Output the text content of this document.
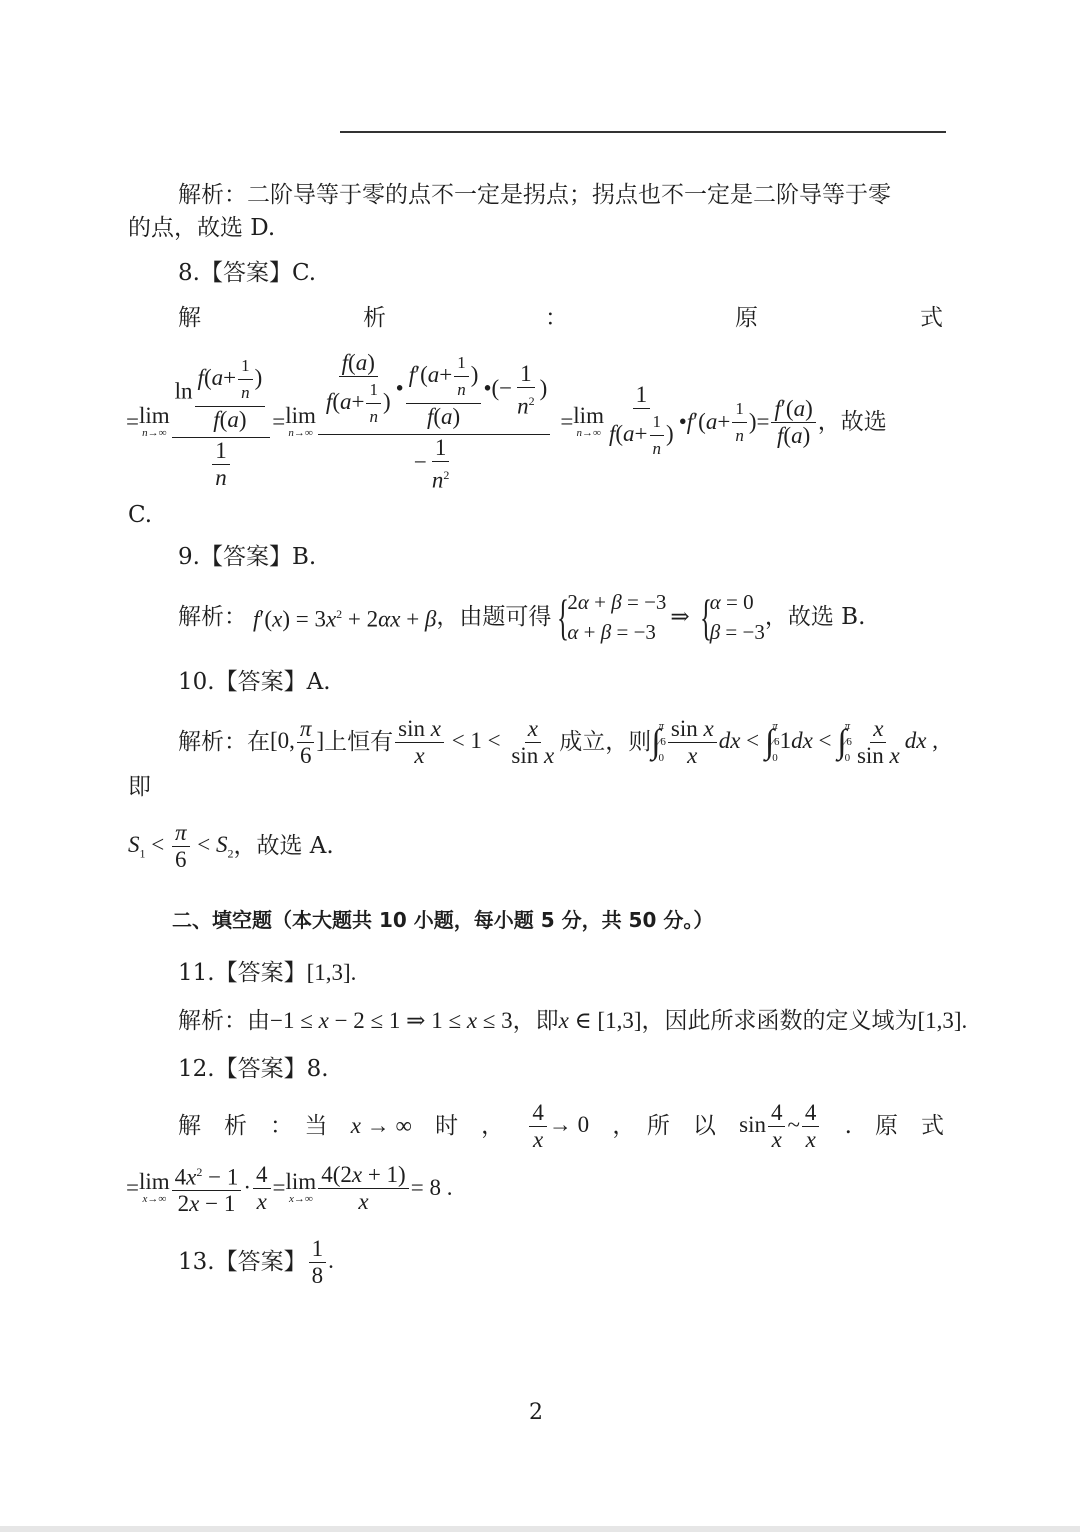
解析：二阶导等于零的点不一定是拐点；拐点也不一定是二阶导等于零
的点，故选 D.
8.【答案】C.
解	析	：	原	式
= lim
$n\to\infty \frac{\ln \frac{f(a+ \frac{1}{n} )}{f(a)}}{\frac{1}{n}} = \lim$
$n\to\infty \frac{\frac{f(a)}{f(a+ \frac{1}{n} )} • \frac{f'(a+ \frac{1}{n} )}{f(a)} •(- \frac{1}{n^2} )}{- \frac{1}{n^2}} = \lim$
$n\to\infty \frac{1}{f(a+ \frac{1}{n} )}$ • f ′( $a + \frac{1}{n}$ ) = $\frac{f'(a)}{f(a)}$ ，故选
C.
9.【答案】B.
解析： $f'(x) = 3x^2 + 2\alpha x + \beta$ ，由题可得 {
2α + β = −3
α + β = −3
⇒ {
α = 0
β = −3
，故选 B.
10.【答案】A.
解析：在 [0, $\frac{\pi}{6}$ ] 上恒有 $\frac{\text{sin x}}{x} < 1 < \frac{x}{\text{sin x}}$ 成立，则 ∫
π
⁄6
$0 \frac{\text{sin x}}{x}$ dx < ∫
π
⁄6
0
1dx < ∫
π
⁄6
$0 \frac{x}{\text{sin x}}$ dx ,
即
$S_1 < \frac{\pi}{6} < S_2$ ，故选 A.
二、填空题（本大题共 10 小题，每小题 5 分，共 50 分。）
11.【答案】[1,3].
解析：由−1 ≤ x − 2 ≤ 1 ⇒ 1 ≤ x ≤ 3，即x ∈ [1,3]，因此所求函数的定义域为[1,3].
12.【答案】8.
解　析　：　当 x → ∞ 时　， $\frac{4}{x} \to 0$ ，　所　以 $\sin \frac{4}{x}$ ~ $\frac{4}{x}$ .　原　式
= lim
$x\to\infty \frac{4x^2 - 1}{2x - 1} \cdot \frac{4}{x} = \lim$
$x\to\infty \frac{4(2x + 1)}{x} = 8$ .
13.【答案】 $\frac{1}{8}$ .
2
